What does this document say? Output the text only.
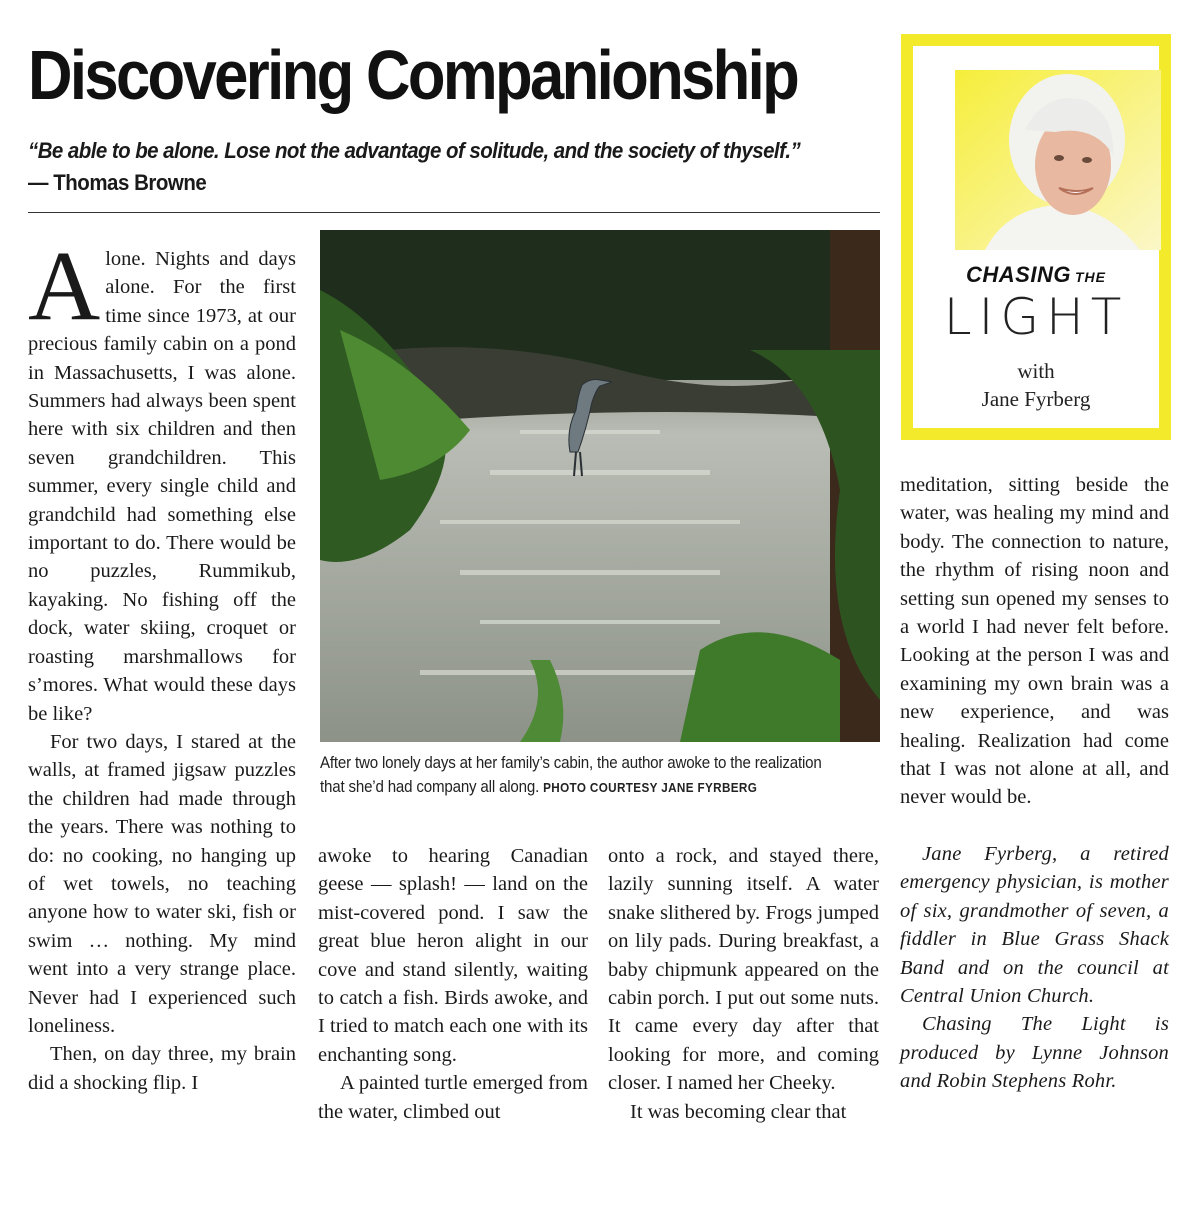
Discovering Companionship

“Be able to be alone. Lose not the advantage of solitude, and the society of thyself.”

— Thomas Browne

CHASING THE

LIGHT

with

Jane Fyrberg

After two lonely days at her family’s cabin, the author awoke to the realization that she’d had company all along. PHOTO COURTESY JANE FYRBERG

Alone. Nights and days alone. For the first time since 1973, at our precious family cabin on a pond in Massachusetts, I was alone. Summers had always been spent here with six children and then seven grandchildren. This summer, every single child and grandchild had something else important to do. There would be no puzzles, Rummikub, kayaking. No fishing off the dock, water skiing, croquet or roasting marshmallows for s’mores. What would these days be like?

For two days, I stared at the walls, at framed jigsaw puzzles the children had made through the years. There was nothing to do: no cooking, no hanging up of wet towels, no teaching anyone how to water ski, fish or swim … nothing. My mind went into a very strange place. Never had I experienced such loneliness.

Then, on day three, my brain did a shocking flip. I

awoke to hearing Canadian geese — splash! — land on the mist-covered pond. I saw the great blue heron alight in our cove and stand silently, waiting to catch a fish. Birds awoke, and I tried to match each one with its enchanting song.

A painted turtle emerged from the water, climbed out

onto a rock, and stayed there, lazily sunning itself. A water snake slithered by. Frogs jumped on lily pads. During breakfast, a baby chipmunk appeared on the cabin porch. I put out some nuts. It came every day after that looking for more, and coming closer. I named her Cheeky.

It was becoming clear that

meditation, sitting beside the water, was healing my mind and body. The connection to nature, the rhythm of rising noon and setting sun opened my senses to a world I had never felt before. Looking at the person I was and examining my own brain was a new experience, and was healing. Realization had come that I was not alone at all, and never would be.

Jane Fyrberg, a retired emergency physician, is mother of six, grandmother of seven, a fiddler in Blue Grass Shack Band and on the council at Central Union Church.

Chasing The Light is produced by Lynne Johnson and Robin Stephens Rohr.
